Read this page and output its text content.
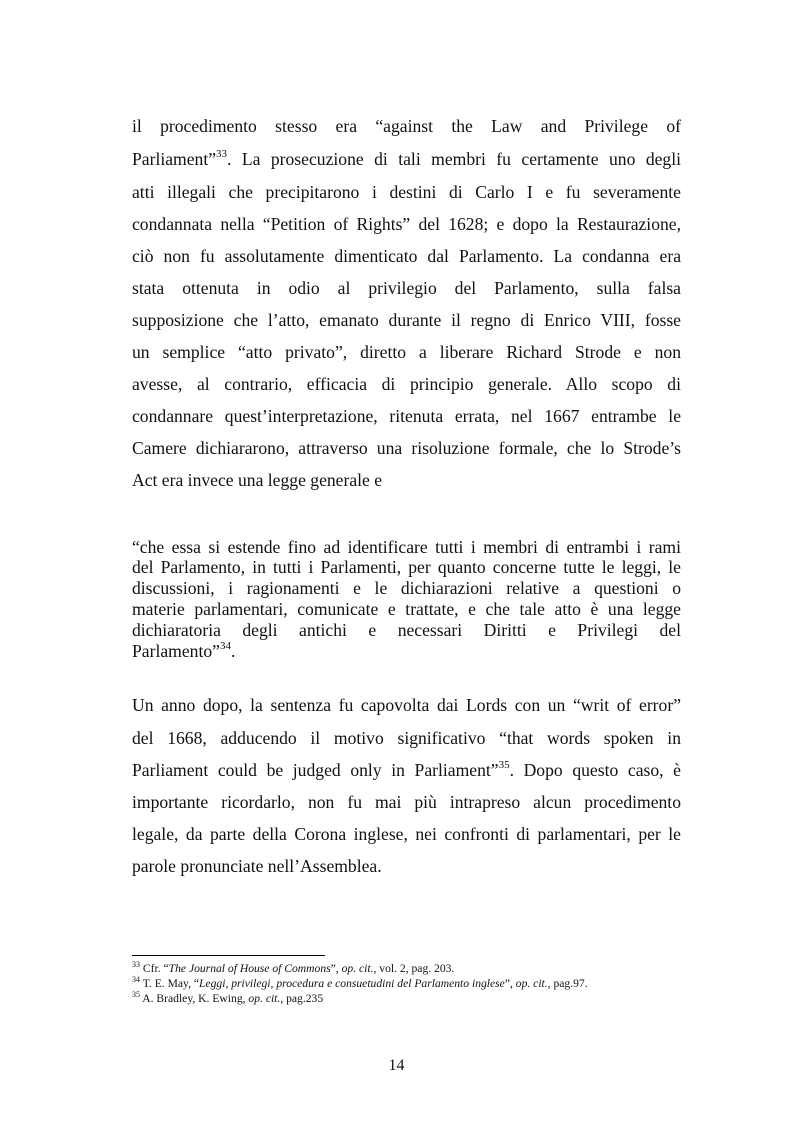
il procedimento stesso era “against the Law and Privilege of
Parliament”$^{33}$. La prosecuzione di tali membri fu certamente uno degli
atti illegali che precipitarono i destini di Carlo I e fu severamente
condannata nella “Petition of Rights” del 1628; e dopo la Restaurazione,
ciò non fu assolutamente dimenticato dal Parlamento. La condanna era
stata ottenuta in odio al privilegio del Parlamento, sulla falsa
supposizione che l’atto, emanato durante il regno di Enrico VIII, fosse
un semplice “atto privato”, diretto a liberare Richard Strode e non
avesse, al contrario, efficacia di principio generale. Allo scopo di
condannare quest’interpretazione, ritenuta errata, nel 1667 entrambe le
Camere dichiararono, attraverso una risoluzione formale, che lo Strode’s
Act era invece una legge generale e
“che essa si estende fino ad identificare tutti i membri di entrambi i rami
del Parlamento, in tutti i Parlamenti, per quanto concerne tutte le leggi, le
discussioni, i ragionamenti e le dichiarazioni relative a questioni o
materie parlamentari, comunicate e trattate, e che tale atto è una legge
dichiaratoria degli antichi e necessari Diritti e Privilegi del
Parlamento”$^{34}$.
Un anno dopo, la sentenza fu capovolta dai Lords con un “writ of error”
del 1668, adducendo il motivo significativo “that words spoken in
Parliament could be judged only in Parliament”$^{35}$. Dopo questo caso, è
importante ricordarlo, non fu mai più intrapreso alcun procedimento
legale, da parte della Corona inglese, nei confronti di parlamentari, per le
parole pronunciate nell’Assemblea.
$^{33}$ Cfr. “The Journal of House of Commons”, op. cit., vol. 2, pag. 203.
$^{34}$ T. E. May, “Leggi, privilegi, procedura e consuetudini del Parlamento inglese”, op. cit., pag.97.
$^{35}$ A. Bradley, K. Ewing, op. cit., pag.235
14
